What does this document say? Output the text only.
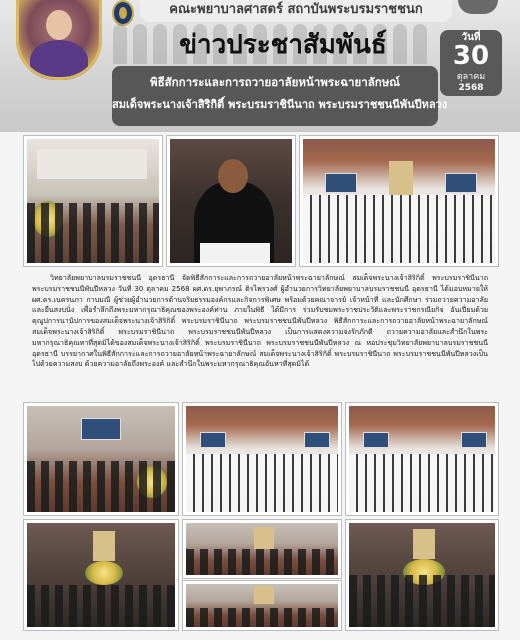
คณะพยาบาลศาสตร์ สถาบันพระบรมราชชนก
ข่าวประชาสัมพันธ์	วันที่
30
ตุลาคม
2568
พิธีสักการะและการถวายอาลัยหน้าพระฉายาลักษณ์
สมเด็จพระนางเจ้าสิริกิติ์ พระบรมราชินีนาถ พระบรมราชชนนีพันปีหลวง
วิทยาลัยพยาบาลบรมราชชนนี อุดรธานี จัดพิธีสักการะและการถวายอาลัยหน้าพระฉายาลักษณ์ สมเด็จพระนางเจ้าสิริกิติ์ พระบรมราชินีนาถ พระบรมราชชนนีพันปีหลวง วันที่ 30 ตุลาคม 2568 ผศ.ดร.ยุพาภรณ์ ติรไพรวงศ์ ผู้อำนวยการวิทยาลัยพยาบาลบรมราชชนนี อุดรธานี ได้มอบหมายให้ ผศ.ดร.เนตรนภา กาบมณี ผู้ช่วยผู้อำนวยการด้านจริยธรรมองค์กรและกิจการพิเศษ พร้อมด้วยคณาจารย์ เจ้าหน้าที่ และนักศึกษา ร่วมถวายความอาลัยและยืนสงบนิ่ง เพื่อรำลึกถึงพระมหากรุณาธิคุณของพระองค์ท่าน ภายในพิธี ได้มีการ ร่วมรับชมพระราชประวัติและพระราชกรณียกิจ อันเปี่ยมด้วยคุณูปการนานัปการของสมเด็จพระนางเจ้าสิริกิติ์ พระบรมราชินีนาถ พระบรมราชชนนีพันปีหลวง พิธีสักการะและการถวายอาลัยหน้าพระฉายาลักษณ์ สมเด็จพระนางเจ้าสิริกิติ์ พระบรมราชินีนาถ พระบรมราชชนนีพันปีหลวง เป็นการแสดงความจงรักภักดี ถวายความอาลัยและสำนึกในพระมหากรุณาธิคุณหาที่สุดมิได้ของสมเด็จพระนางเจ้าสิริกิติ์ พระบรมราชินีนาถ พระบรมราชชนนีพันปีหลวง ณ หอประชุมวิทยาลัยพยาบาลบรมราชชนนี อุดรธานี บรรยากาศในพิธีสักการะและการถวายอาลัยหน้าพระฉายาลักษณ์ สมเด็จพระนางเจ้าสิริกิติ์ พระบรมราชินีนาถ พระบรมราชชนนีพันปีหลวงเป็นไปด้วยความสงบ ด้วยความอาลัยถึงพระองค์ และสำนึกในพระมหากรุณาธิคุณอันหาที่สุดมิได้
